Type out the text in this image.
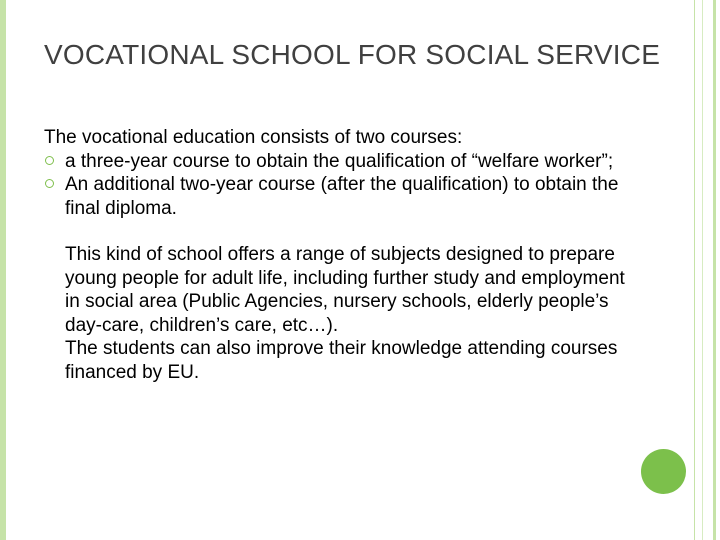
VOCATIONAL SCHOOL FOR SOCIAL SERVICE

The vocational education consists of two courses:

a three-year course to obtain the qualification of “welfare worker”;
An additional two-year course (after the qualification) to obtain the final diploma.

This kind of school offers a range of subjects designed to prepare young people for adult life, including further study and employment in social area (Public Agencies, nursery schools, elderly people’s day-care, children’s care, etc…).
The students can also improve their knowledge attending courses financed by EU.
